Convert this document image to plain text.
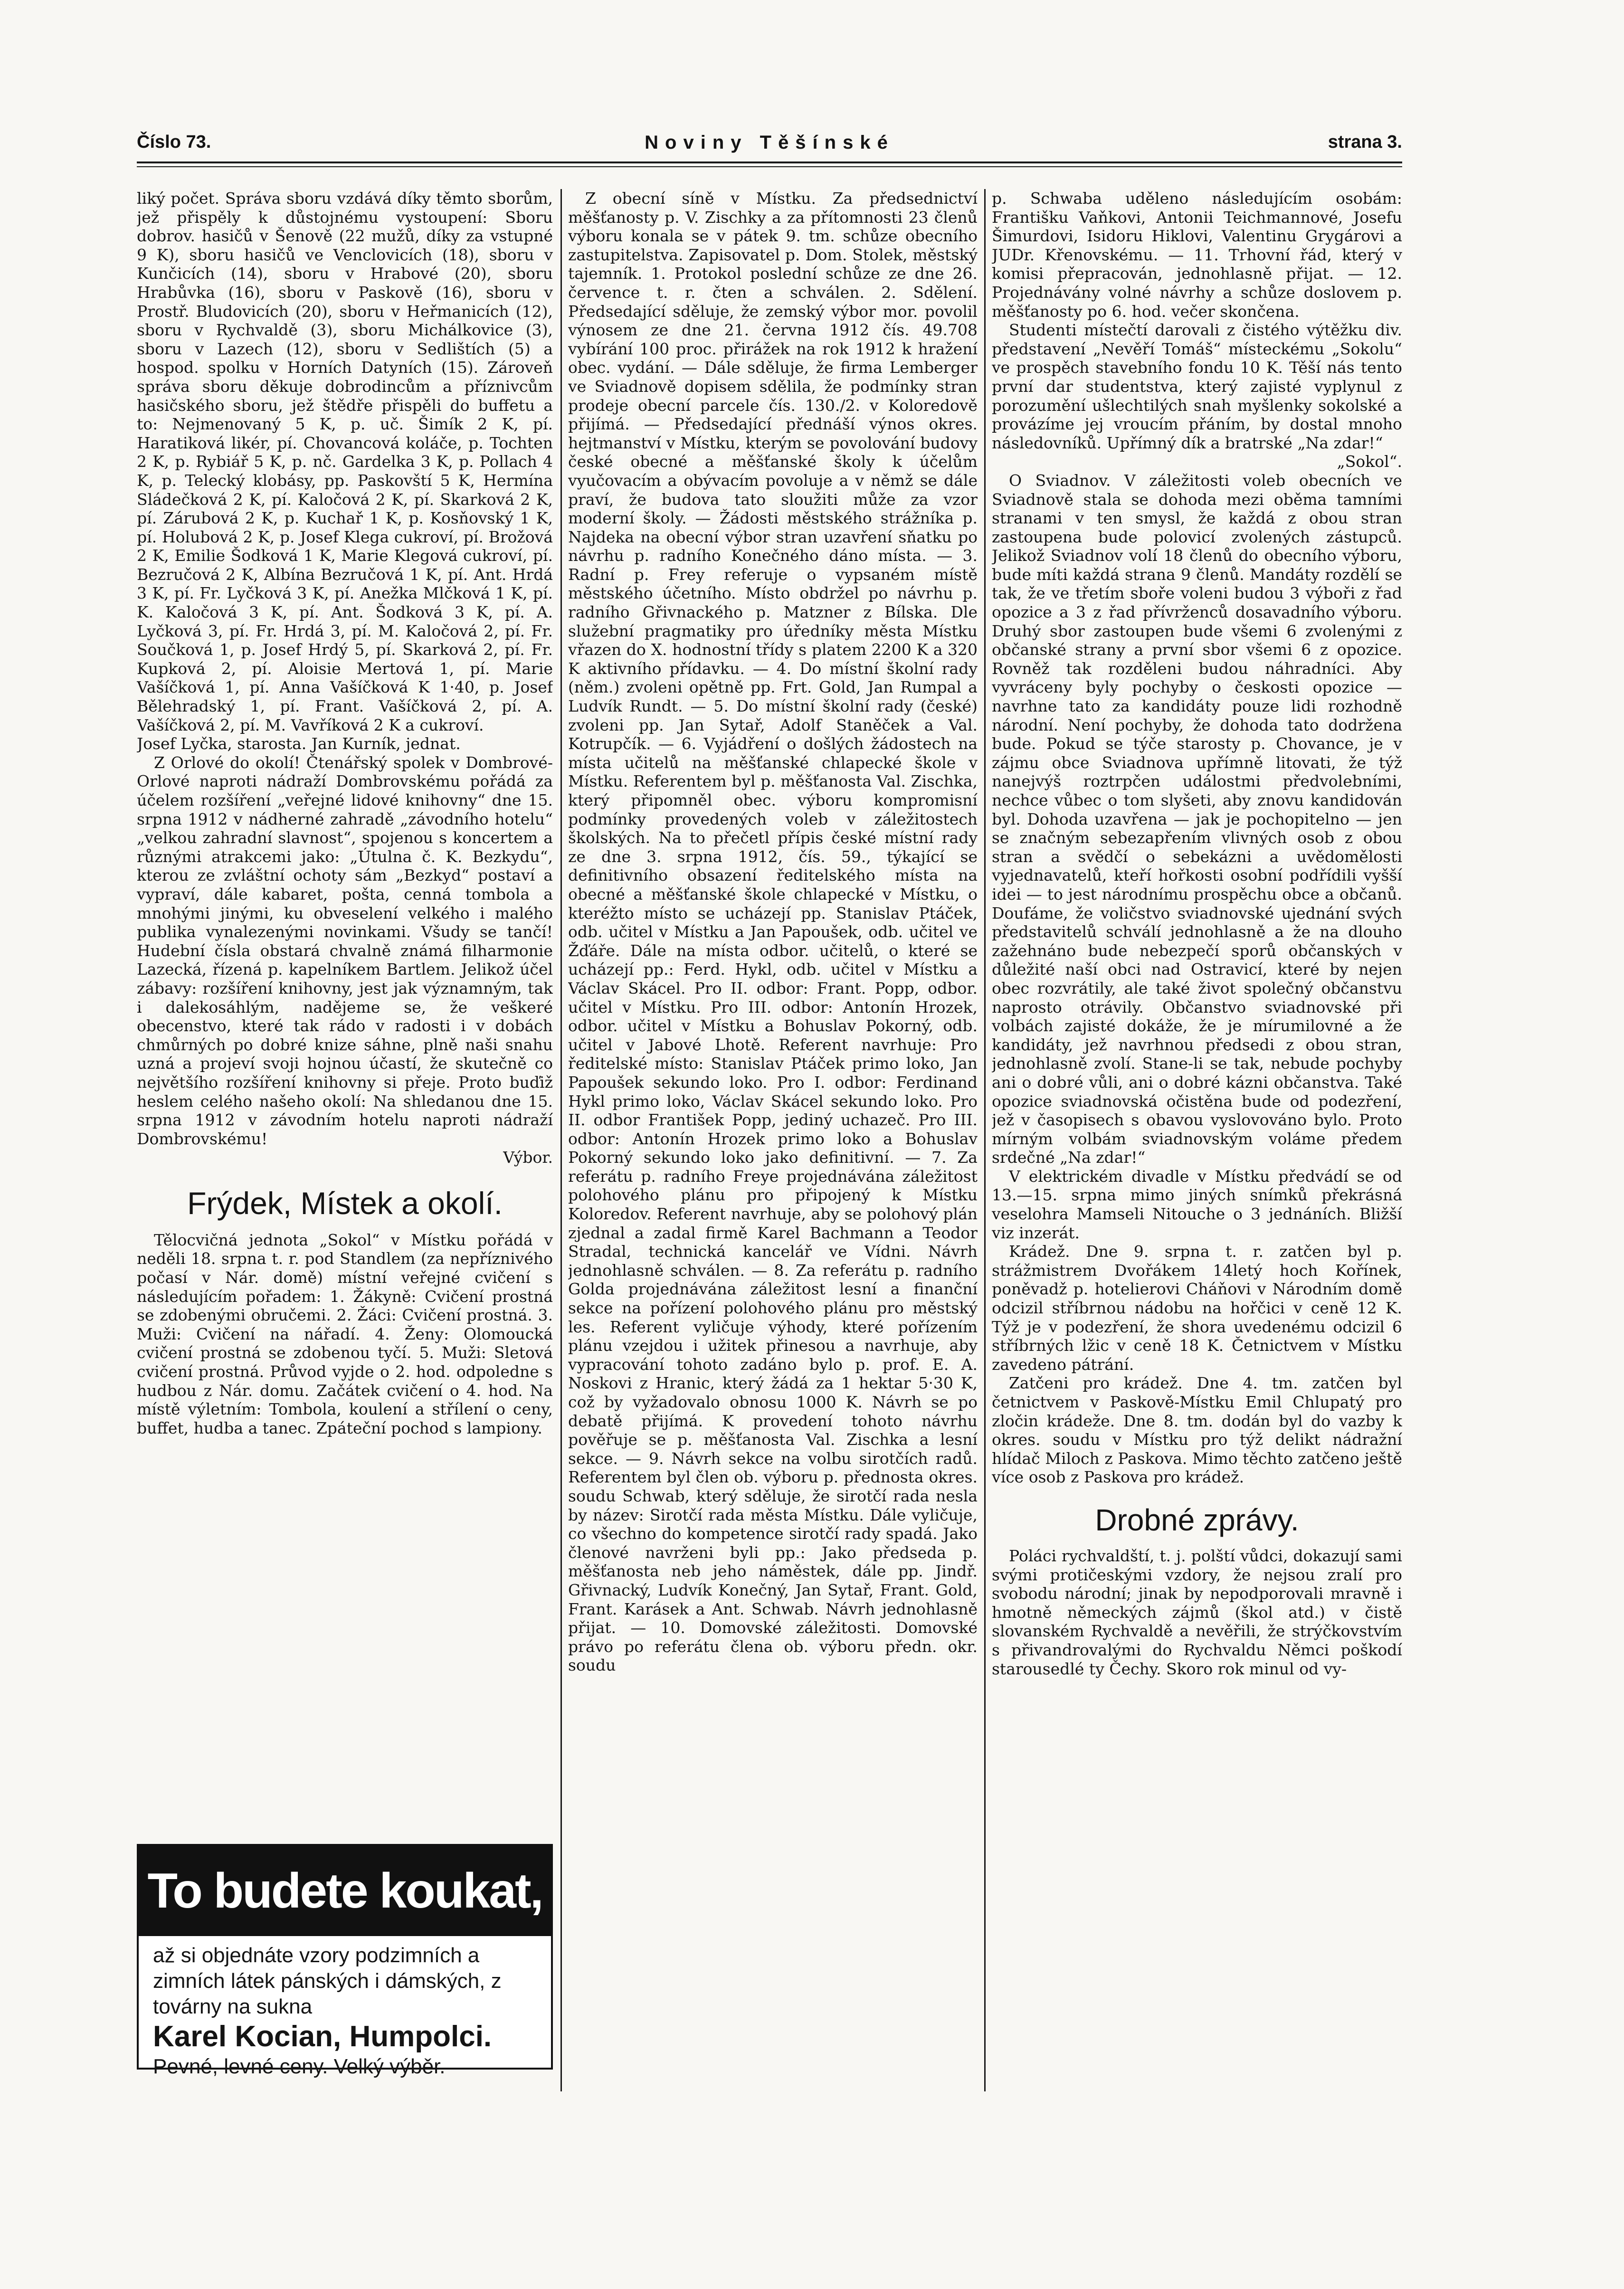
Číslo 73.	Noviny Těšínské	strana 3.

liký počet. Správa sboru vzdává díky těmto sborům, jež přispěly k důstojnému vystoupení: Sboru dobrov. hasičů v Šenově (22 mužů, díky za vstupné 9 K), sboru hasičů ve Venclovicích (18), sboru v Kunčicích (14), sboru v Hrabové (20), sboru Hrabůvka (16), sboru v Paskově (16), sboru v Prostř. Bludovicích (20), sboru v Heřmanicích (12), sboru v Rychvaldě (3), sboru Michálkovice (3), sboru v Lazech (12), sboru v Sedlištích (5) a hospod. spolku v Horních Datyních (15). Zároveň správa sboru děkuje dobrodincům a příznivcům hasičského sboru, jež štědře přispěli do buffetu a to: Nejmenovaný 5 K, p. uč. Šimík 2 K, pí. Haratiková likér, pí. Chovancová koláče, p. Tochten 2 K, p. Rybiář 5 K, p. nč. Gardelka 3 K, p. Pollach 4 K, p. Telecký klobásy, pp. Paskovští 5 K, Hermína Sládečková 2 K, pí. Kaločová 2 K, pí. Skarková 2 K, pí. Zárubová 2 K, p. Kuchař 1 K, p. Kosňovský 1 K, pí. Holubová 2 K, p. Josef Klega cukroví, pí. Brožová 2 K, Emilie Šodková 1 K, Marie Klegová cukroví, pí. Bezručová 2 K, Albína Bezručová 1 K, pí. Ant. Hrdá 3 K, pí. Fr. Lyčková 3 K, pí. Anežka Mlčková 1 K, pí. K. Kaločová 3 K, pí. Ant. Šodková 3 K, pí. A. Lyčková 3, pí. Fr. Hrdá 3, pí. M. Kaločová 2, pí. Fr. Součková 1, p. Josef Hrdý 5, pí. Skarková 2, pí. Fr. Kupková 2, pí. Aloisie Mertová 1, pí. Marie Vašíčková 1, pí. Anna Vašíčková K 1·40, p. Josef Bělehradský 1, pí. Frant. Vašíčková 2, pí. A. Vašíčková 2, pí. M. Vavříková 2 K a cukroví.

Josef Lyčka, starosta. Jan Kurník, jednat.

Z Orlové do okolí! Čtenářský spolek v Dombrové-Orlové naproti nádraží Dombrovskému pořádá za účelem rozšíření „veřejné lidové knihovny“ dne 15. srpna 1912 v nádherné zahradě „závodního hotelu“ „velkou zahradní slavnost“, spojenou s koncertem a různými atrakcemi jako: „Útulna č. K. Bezkydu“, kterou ze zvláštní ochoty sám „Bezkyd“ postaví a vypraví, dále kabaret, pošta, cenná tombola a mnohými jinými, ku obveselení velkého i malého publika vynalezenými novinkami. Všudy se tančí! Hudební čísla obstará chvalně známá filharmonie Lazecká, řízená p. kapelníkem Bartlem. Jelikož účel zábavy: rozšíření knihovny, jest jak významným, tak i dalekosáhlým, nadějeme se, že veškeré obecenstvo, které tak rádo v radosti i v dobách chmůrných po dobré knize sáhne, plně naši snahu uzná a projeví svoji hojnou účastí, že skutečně co největšího rozšíření knihovny si přeje. Proto buďiž heslem celého našeho okolí: Na shledanou dne 15. srpna 1912 v závodním hotelu naproti nádraží Dombrovskému!

Výbor.

Frýdek, Místek a okolí.

Tělocvičná jednota „Sokol“ v Místku pořádá v neděli 18. srpna t. r. pod Standlem (za nepříznivého počasí v Nár. domě) místní veřejné cvičení s následujícím pořadem: 1. Žákyně: Cvičení prostná se zdobenými obručemi. 2. Žáci: Cvičení prostná. 3. Muži: Cvičení na nářadí. 4. Ženy: Olomoucká cvičení prostná se zdobenou tyčí. 5. Muži: Sletová cvičení prostná. Průvod vyjde o 2. hod. odpoledne s hudbou z Nár. domu. Začátek cvičení o 4. hod. Na místě výletním: Tombola, koulení a střílení o ceny, buffet, hudba a tanec. Zpáteční pochod s lampiony.

To budete koukat,
až si objednáte vzory podzimních a zimních látek pánských i dámských, z továrny na sukna
Karel Kocian, Humpolci.
Pevné, levné ceny. Velký výběr.

Z obecní síně v Místku. Za předsednictví měšťanosty p. V. Zischky a za přítomnosti 23 členů výboru konala se v pátek 9. tm. schůze obecního zastupitelstva. Zapisovatel p. Dom. Stolek, městský tajemník. 1. Protokol poslední schůze ze dne 26. července t. r. čten a schválen. 2. Sdělení. Předsedající sděluje, že zemský výbor mor. povolil výnosem ze dne 21. června 1912 čís. 49.708 vybírání 100 proc. přirážek na rok 1912 k hražení obec. vydání. — Dále sděluje, že firma Lemberger ve Sviadnově dopisem sdělila, že podmínky stran prodeje obecní parcele čís. 130./2. v Koloredově přijímá. — Předsedající přednáší výnos okres. hejtmanství v Místku, kterým se povolování budovy české obecné a měšťanské školy k účelům vyučovacím a obývacím povoluje a v němž se dále praví, že budova tato sloužiti může za vzor moderní školy. — Žádosti městského strážníka p. Najdeka na obecní výbor stran uzavření sňatku po návrhu p. radního Konečného dáno místa. — 3. Radní p. Frey referuje o vypsaném místě městského účetního. Místo obdržel po návrhu p. radního Gřivnackého p. Matzner z Bílska. Dle služební pragmatiky pro úředníky města Místku vřazen do X. hodnostní třídy s platem 2200 K a 320 K aktivního přídavku. — 4. Do místní školní rady (něm.) zvoleni opětně pp. Frt. Gold, Jan Rumpal a Ludvík Rundt. — 5. Do místní školní rady (české) zvoleni pp. Jan Sytař, Adolf Staněček a Val. Kotrupčík. — 6. Vyjádření o došlých žádostech na místa učitelů na měšťanské chlapecké škole v Místku. Referentem byl p. měšťanosta Val. Zischka, který připomněl obec. výboru kompromisní podmínky provedených voleb v záležitostech školských. Na to přečetl přípis české místní rady ze dne 3. srpna 1912, čís. 59., týkající se definitivního obsazení ředitelského místa na obecné a měšťanské škole chlapecké v Místku, o kteréžto místo se ucházejí pp. Stanislav Ptáček, odb. učitel v Místku a Jan Papoušek, odb. učitel ve Žďáře. Dále na místa odbor. učitelů, o které se ucházejí pp.: Ferd. Hykl, odb. učitel v Místku a Václav Skácel. Pro II. odbor: Frant. Popp, odbor. učitel v Místku. Pro III. odbor: Antonín Hrozek, odbor. učitel v Místku a Bohuslav Pokorný, odb. učitel v Jabové Lhotě. Referent navrhuje: Pro ředitelské místo: Stanislav Ptáček primo loko, Jan Papoušek sekundo loko. Pro I. odbor: Ferdinand Hykl primo loko, Václav Skácel sekundo loko. Pro II. odbor František Popp, jediný uchazeč. Pro III. odbor: Antonín Hrozek primo loko a Bohuslav Pokorný sekundo loko jako definitivní. — 7. Za referátu p. radního Freye projednávána záležitost polohového plánu pro připojený k Místku Koloredov. Referent navrhuje, aby se polohový plán zjednal a zadal firmě Karel Bachmann a Teodor Stradal, technická kancelář ve Vídni. Návrh jednohlasně schválen. — 8. Za referátu p. radního Golda projednávána záležitost lesní a finanční sekce na pořízení polohového plánu pro městský les. Referent vyličuje výhody, které pořízením plánu vzejdou i užitek přinesou a navrhuje, aby vypracování tohoto zadáno bylo p. prof. E. A. Noskovi z Hranic, který žádá za 1 hektar 5·30 K, což by vyžadovalo obnosu 1000 K. Návrh se po debatě přijímá. K provedení tohoto návrhu pověřuje se p. měšťanosta Val. Zischka a lesní sekce. — 9. Návrh sekce na volbu sirotčích radů. Referentem byl člen ob. výboru p. přednosta okres. soudu Schwab, který sděluje, že sirotčí rada nesla by název: Sirotčí rada města Místku. Dále vyličuje, co všechno do kompetence sirotčí rady spadá. Jako členové navrženi byli pp.: Jako předseda p. měšťanosta neb jeho náměstek, dále pp. Jindř. Gřivnacký, Ludvík Konečný, Jan Sytař, Frant. Gold, Frant. Karásek a Ant. Schwab. Návrh jednohlasně přijat. — 10. Domovské záležitosti. Domovské právo po referátu člena ob. výboru předn. okr. soudu

p. Schwaba uděleno následujícím osobám: Františku Vaňkovi, Antonii Teichmannové, Josefu Šimurdovi, Isidoru Hiklovi, Valentinu Grygárovi a JUDr. Křenovskému. — 11. Trhovní řád, který v komisi přepracován, jednohlasně přijat. — 12. Projednávány volné návrhy a schůze doslovem p. měšťanosty po 6. hod. večer skončena.

Studenti místečtí darovali z čistého výtěžku div. představení „Nevěří Tomáš“ místeckému „Sokolu“ ve prospěch stavebního fondu 10 K. Těší nás tento první dar studentstva, který zajisté vyplynul z porozumění ušlechtilých snah myšlenky sokolské a provázíme jej vroucím přáním, by dostal mnoho následovníků. Upřímný dík a bratrské „Na zdar!“

„Sokol“.

O Sviadnov. V záležitosti voleb obecních ve Sviadnově stala se dohoda mezi oběma tamními stranami v ten smysl, že každá z obou stran zastoupena bude polovicí zvolených zástupců. Jelikož Sviadnov volí 18 členů do obecního výboru, bude míti každá strana 9 členů. Mandáty rozdělí se tak, že ve třetím sboře voleni budou 3 výboři z řad opozice a 3 z řad přívrženců dosavadního výboru. Druhý sbor zastoupen bude všemi 6 zvolenými z občanské strany a první sbor všemi 6 z opozice. Rovněž tak rozděleni budou náhradníci. Aby vyvráceny byly pochyby o českosti opozice — navrhne tato za kandidáty pouze lidi rozhodně národní. Není pochyby, že dohoda tato dodržena bude. Pokud se týče starosty p. Chovance, je v zájmu obce Sviadnova upřímně litovati, že týž nanejvýš roztrpčen událostmi předvolebními, nechce vůbec o tom slyšeti, aby znovu kandidován byl. Dohoda uzavřena — jak je pochopitelno — jen se značným sebezapřením vlivných osob z obou stran a svědčí o sebekázni a uvědomělosti vyjednavatelů, kteří hořkosti osobní podřídili vyšší idei — to jest národnímu prospěchu obce a občanů. Doufáme, že voličstvo sviadnovské ujednání svých představitelů schválí jednohlasně a že na dlouho zažehnáno bude nebezpečí sporů občanských v důležité naší obci nad Ostravicí, které by nejen obec rozvrátily, ale také život společný občanstvu naprosto otrávily. Občanstvo sviadnovské při volbách zajisté dokáže, že je mírumilovné a že kandidáty, jež navrhnou předsedi z obou stran, jednohlasně zvolí. Stane-li se tak, nebude pochyby ani o dobré vůli, ani o dobré kázni občanstva. Také opozice sviadnovská očistěna bude od podezření, jež v časopisech s obavou vyslovováno bylo. Proto mírným volbám sviadnovským voláme předem srdečné „Na zdar!“

V elektrickém divadle v Místku předvádí se od 13.—15. srpna mimo jiných snímků překrásná veselohra Mamseli Nitouche o 3 jednáních. Bližší viz inzerát.

Krádež. Dne 9. srpna t. r. zatčen byl p. strážmistrem Dvořákem 14letý hoch Kořínek, poněvadž p. hotelierovi Cháňovi v Národním domě odcizil stříbrnou nádobu na hořčici v ceně 12 K. Týž je v podezření, že shora uvedenému odcizil 6 stříbrných lžic v ceně 18 K. Četnictvem v Místku zavedeno pátrání.

Zatčeni pro krádež. Dne 4. tm. zatčen byl četnictvem v Paskově-Místku Emil Chlupatý pro zločin krádeže. Dne 8. tm. dodán byl do vazby k okres. soudu v Místku pro týž delikt nádražní hlídač Miloch z Paskova. Mimo těchto zatčeno ještě více osob z Paskova pro krádež.

Drobné zprávy.

Poláci rychvaldští, t. j. polští vůdci, dokazují sami svými protičeskými vzdory, že nejsou zralí pro svobodu národní; jinak by nepodporovali mravně i hmotně německých zájmů (škol atd.) v čistě slovanském Rychvaldě a nevěřili, že strýčkovstvím s přivandrovalými do Rychvaldu Němci poškodí starousedlé ty Čechy. Skoro rok minul od vy-
